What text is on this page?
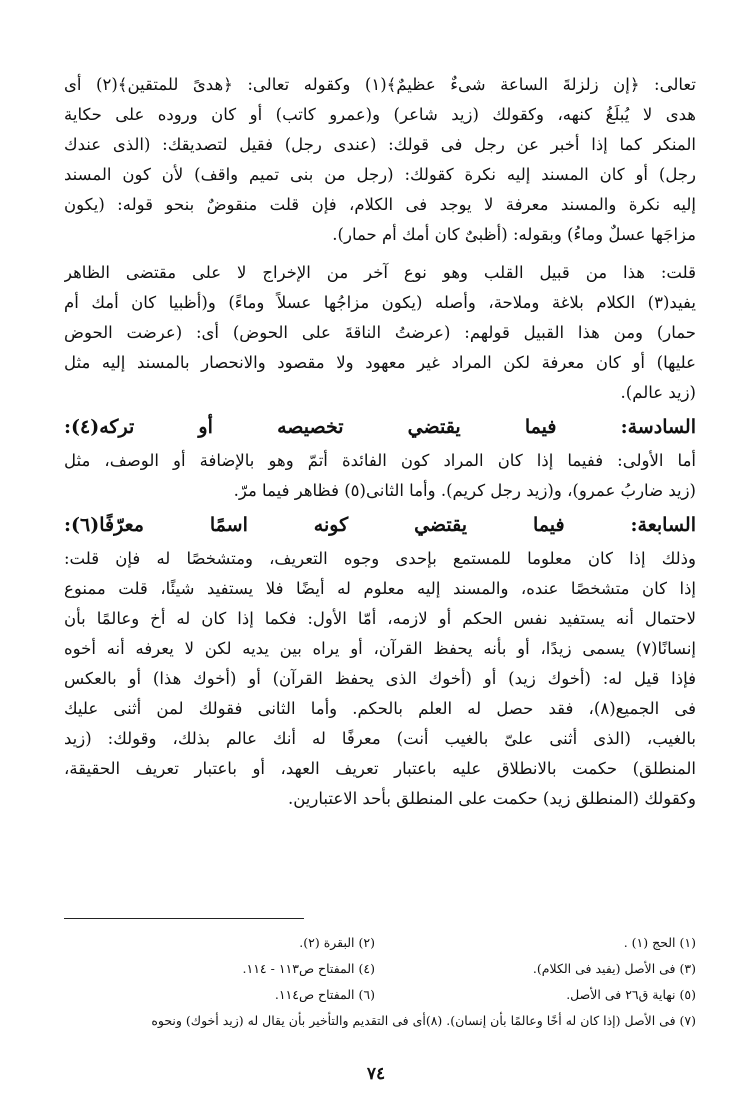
تعالى: ﴿إن زلزلةَ الساعة شىءٌ عظيمٌ﴾(١) وكقوله تعالى: ﴿هدىً للمتقين﴾(٢) أى
هدى لا يُبلَغُ كنهه، وكقولك (زيد شاعر) و(عمرو كاتب) أو كان وروده على حكاية
المنكر كما إذا أخبر عن رجل فى قولك: (عندى رجل) فقيل لتصديقك: (الذى عندك
رجل) أو كان المسند إليه نكرة كقولك: (رجل من بنى تميم واقف) لأن كون المسند
إليه نكرة والمسند معرفة لا يوجد فى الكلام، فإن قلت منقوضٌ بنحو قوله: (يكون
مزاجَها عسلٌ وماءُ) وبقوله: (أظبىٌ كان أمك أم حمار).
قلت: هذا من قبيل القلب وهو نوع آخر من الإخراج لا على مقتضى الظاهر
يفيد(٣) الكلام بلاغة وملاحة، وأصله (يكون مزاجُها عسلاً وماءً) و(أظبيا كان أمك أم
حمار) ومن هذا القبيل قولهم: (عرضتُ الناقةَ على الحوض) أى: (عرضت الحوض
عليها) أو كان معرفة لكن المراد غير معهود ولا مقصود والانحصار بالمسند إليه مثل
(زيد عالم).
السادسة: فيما يقتضي تخصيصه أو تركه(٤):
أما الأولى: ففيما إذا كان المراد كون الفائدة أتمّ وهو بالإضافة أو الوصف، مثل
(زيد ضاربُ عمرو)، و(زيد رجل كريم). وأما الثانى(٥) فظاهر فيما مرّ.
السابعة: فيما يقتضي كونه اسمًا معرّفًا(٦):
وذلك إذا كان معلوما للمستمع بإحدى وجوه التعريف، ومتشخصًا له فإن قلت:
إذا كان متشخصًا عنده، والمسند إليه معلوم له أيضًا فلا يستفيد شيئًا، قلت ممنوع
لاحتمال أنه يستفيد نفس الحكم أو لازمه، أمّا الأول: فكما إذا كان له أخ وعالمًا بأن
إنسانًا(٧) يسمى زيدًا، أو بأنه يحفظ القرآن، أو يراه بين يديه لكن لا يعرفه أنه أخوه
فإذا قيل له: (أخوك زيد) أو (أخوك الذى يحفظ القرآن) أو (أخوك هذا) أو بالعكس
فى الجميع(٨)، فقد حصل له العلم بالحكم. وأما الثانى فقولك لمن أثنى عليك
بالغيب، (الذى أثنى علىّ بالغيب أنت) معرفًا له أنك عالم بذلك، وقولك: (زيد
المنطلق) حكمت بالانطلاق عليه باعتبار تعريف العهد، أو باعتبار تعريف الحقيقة،
وكقولك (المنطلق زيد) حكمت على المنطلق بأحد الاعتبارين.
(١) الحج (١) .
(٢) البقرة (٢).
(٣) فى الأصل (يفيد فى الكلام).
(٤) المفتاح ص١١٣ - ١١٤.
(٥) نهاية ق٢٦ فى الأصل.
(٦) المفتاح ص١١٤.
(٧) فى الأصل (إذا كان له أخًا وعالمًا بأن إنسان). (٨)أى فى التقديم والتأخير بأن يقال له (زيد أخوك) ونحوه
٧٤
